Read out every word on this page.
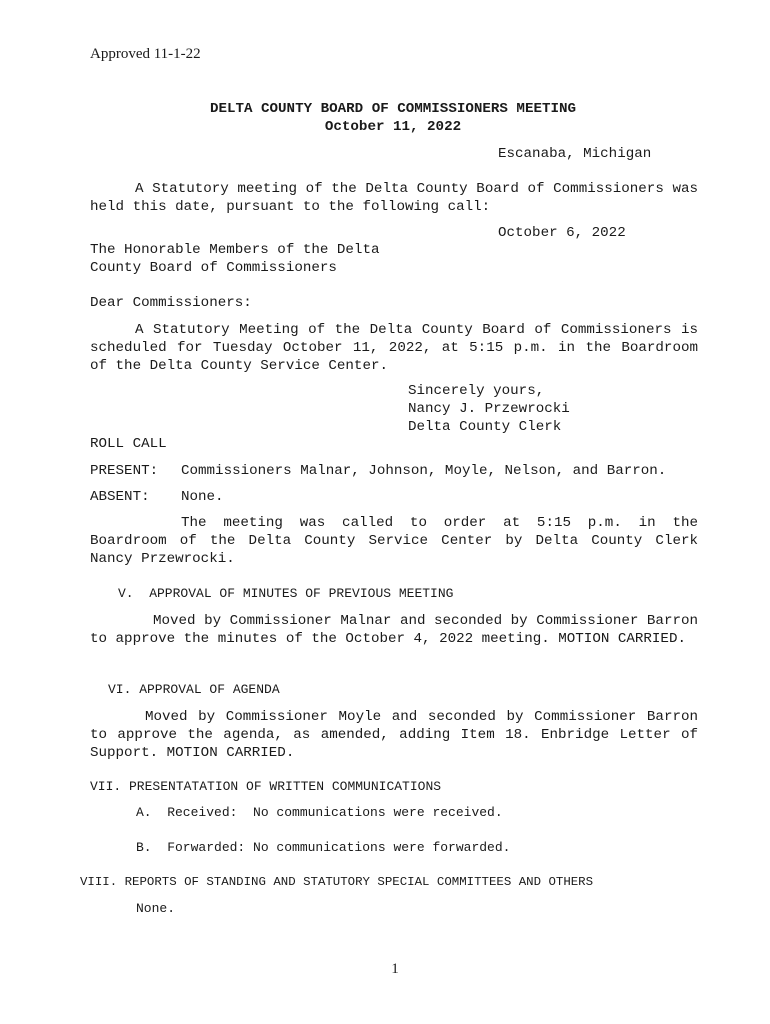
Approved 11-1-22
DELTA COUNTY BOARD OF COMMISSIONERS MEETING
October 11, 2022
Escanaba, Michigan
A Statutory meeting of the Delta County Board of Commissioners was held this date, pursuant to the following call:
October 6, 2022
The Honorable Members of the Delta
County Board of Commissioners
Dear Commissioners:
A Statutory Meeting of the Delta County Board of Commissioners is scheduled for Tuesday October 11, 2022, at 5:15 p.m. in the Boardroom of the Delta County Service Center.
Sincerely yours,
Nancy J. Przewrocki
Delta County Clerk
ROLL CALL
PRESENT: Commissioners Malnar, Johnson, Moyle, Nelson, and Barron.
ABSENT: None.
The meeting was called to order at 5:15 p.m. in the Boardroom of the Delta County Service Center by Delta County Clerk Nancy Przewrocki.
V.  APPROVAL OF MINUTES OF PREVIOUS MEETING
Moved by Commissioner Malnar and seconded by Commissioner Barron to approve the minutes of the October 4, 2022 meeting. MOTION CARRIED.
VI. APPROVAL OF AGENDA
Moved by Commissioner Moyle and seconded by Commissioner Barron to approve the agenda, as amended, adding Item 18. Enbridge Letter of Support. MOTION CARRIED.
VII. PRESENTATATION OF WRITTEN COMMUNICATIONS
A.  Received:  No communications were received.
B.  Forwarded: No communications were forwarded.
VIII. REPORTS OF STANDING AND STATUTORY SPECIAL COMMITTEES AND OTHERS
None.
1
